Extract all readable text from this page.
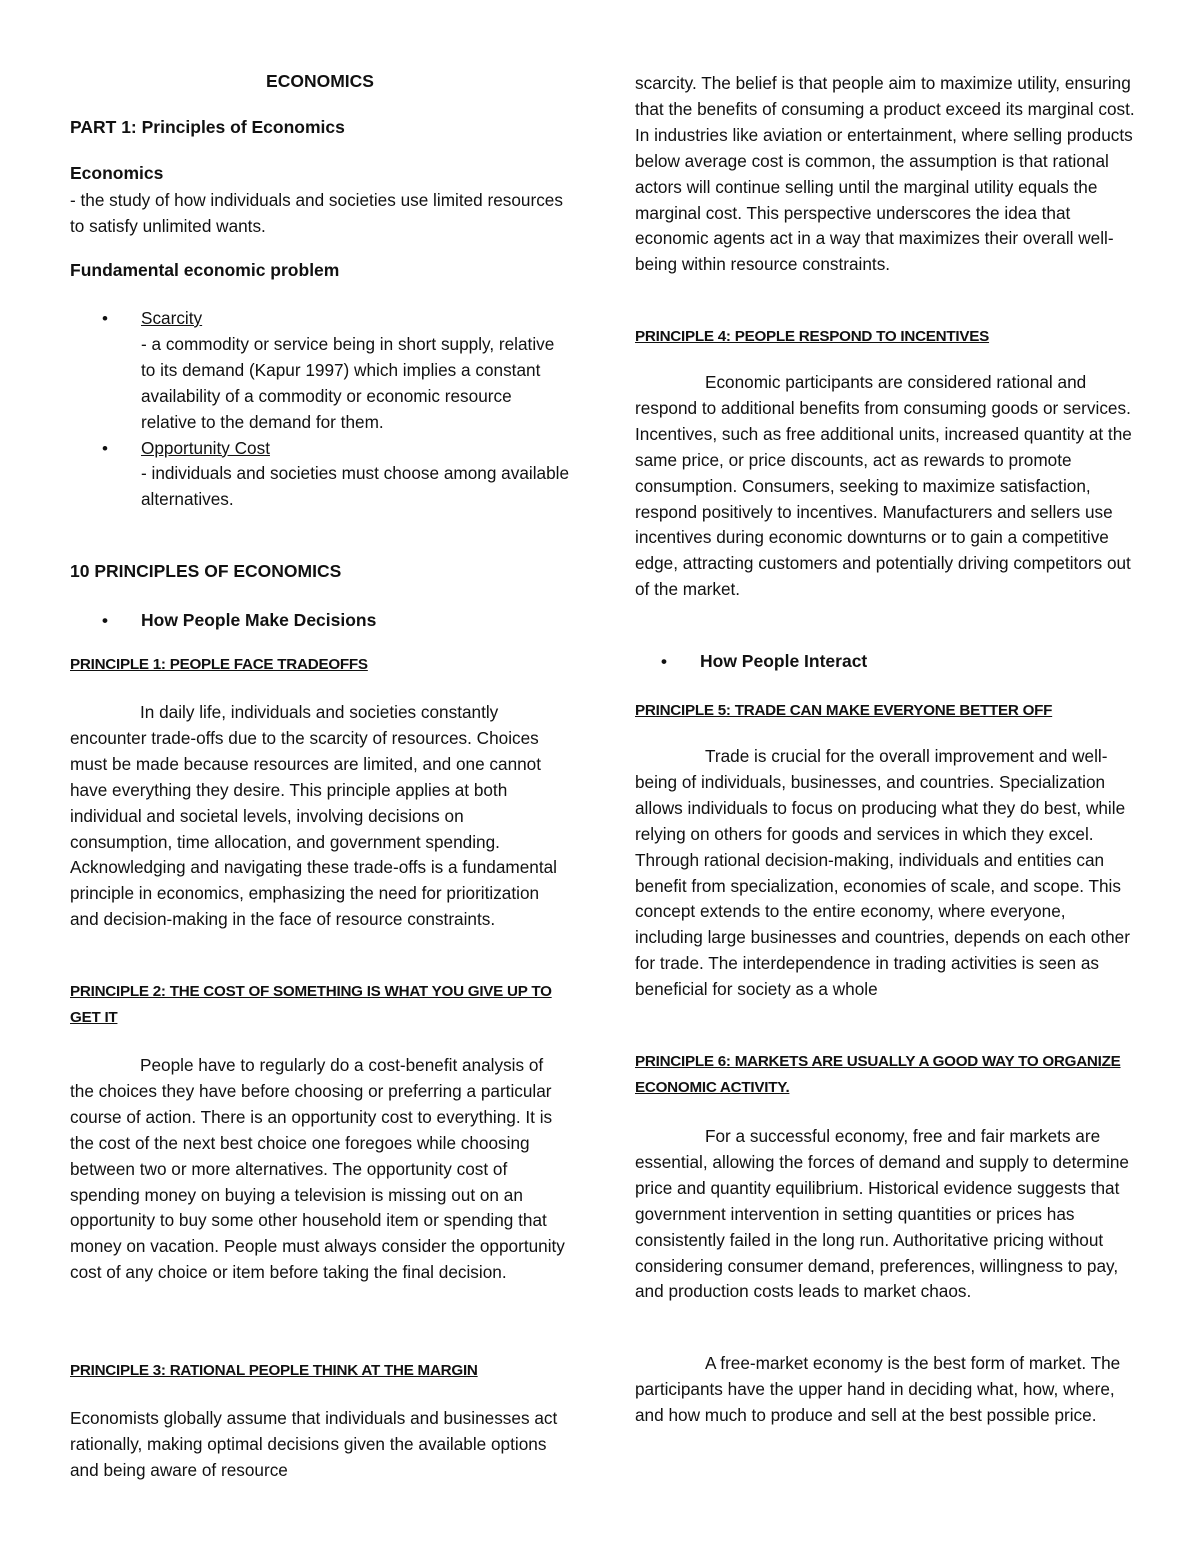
ECONOMICS

PART 1: Principles of Economics

Economics

- the study of how individuals and societies use limited resources to satisfy unlimited wants.

Fundamental economic problem

• Scarcity
- a commodity or service being in short supply, relative to its demand (Kapur 1997) which implies a constant availability of a commodity or economic resource relative to the demand for them.
• Opportunity Cost
- individuals and societies must choose among available alternatives.

10 PRINCIPLES OF ECONOMICS

• How People Make Decisions

PRINCIPLE 1: PEOPLE FACE TRADEOFFS

In daily life, individuals and societies constantly encounter trade-offs due to the scarcity of resources. Choices must be made because resources are limited, and one cannot have everything they desire. This principle applies at both individual and societal levels, involving decisions on consumption, time allocation, and government spending. Acknowledging and navigating these trade-offs is a fundamental principle in economics, emphasizing the need for prioritization and decision-making in the face of resource constraints.

PRINCIPLE 2: THE COST OF SOMETHING IS WHAT YOU GIVE UP TO GET IT

People have to regularly do a cost-benefit analysis of the choices they have before choosing or preferring a particular course of action. There is an opportunity cost to everything. It is the cost of the next best choice one foregoes while choosing between two or more alternatives. The opportunity cost of spending money on buying a television is missing out on an opportunity to buy some other household item or spending that money on vacation. People must always consider the opportunity cost of any choice or item before taking the final decision.

PRINCIPLE 3: RATIONAL PEOPLE THINK AT THE MARGIN

Economists globally assume that individuals and businesses act rationally, making optimal decisions given the available options and being aware of resource

scarcity. The belief is that people aim to maximize utility, ensuring that the benefits of consuming a product exceed its marginal cost. In industries like aviation or entertainment, where selling products below average cost is common, the assumption is that rational actors will continue selling until the marginal utility equals the marginal cost. This perspective underscores the idea that economic agents act in a way that maximizes their overall well-being within resource constraints.

PRINCIPLE 4: PEOPLE RESPOND TO INCENTIVES

Economic participants are considered rational and respond to additional benefits from consuming goods or services. Incentives, such as free additional units, increased quantity at the same price, or price discounts, act as rewards to promote consumption. Consumers, seeking to maximize satisfaction, respond positively to incentives. Manufacturers and sellers use incentives during economic downturns or to gain a competitive edge, attracting customers and potentially driving competitors out of the market.

• How People Interact

PRINCIPLE 5: TRADE CAN MAKE EVERYONE BETTER OFF

Trade is crucial for the overall improvement and well-being of individuals, businesses, and countries. Specialization allows individuals to focus on producing what they do best, while relying on others for goods and services in which they excel. Through rational decision-making, individuals and entities can benefit from specialization, economies of scale, and scope. This concept extends to the entire economy, where everyone, including large businesses and countries, depends on each other for trade. The interdependence in trading activities is seen as beneficial for society as a whole

PRINCIPLE 6: MARKETS ARE USUALLY A GOOD WAY TO ORGANIZE ECONOMIC ACTIVITY.

For a successful economy, free and fair markets are essential, allowing the forces of demand and supply to determine price and quantity equilibrium. Historical evidence suggests that government intervention in setting quantities or prices has consistently failed in the long run. Authoritative pricing without considering consumer demand, preferences, willingness to pay, and production costs leads to market chaos.

A free-market economy is the best form of market. The participants have the upper hand in deciding what, how, where, and how much to produce and sell at the best possible price.
